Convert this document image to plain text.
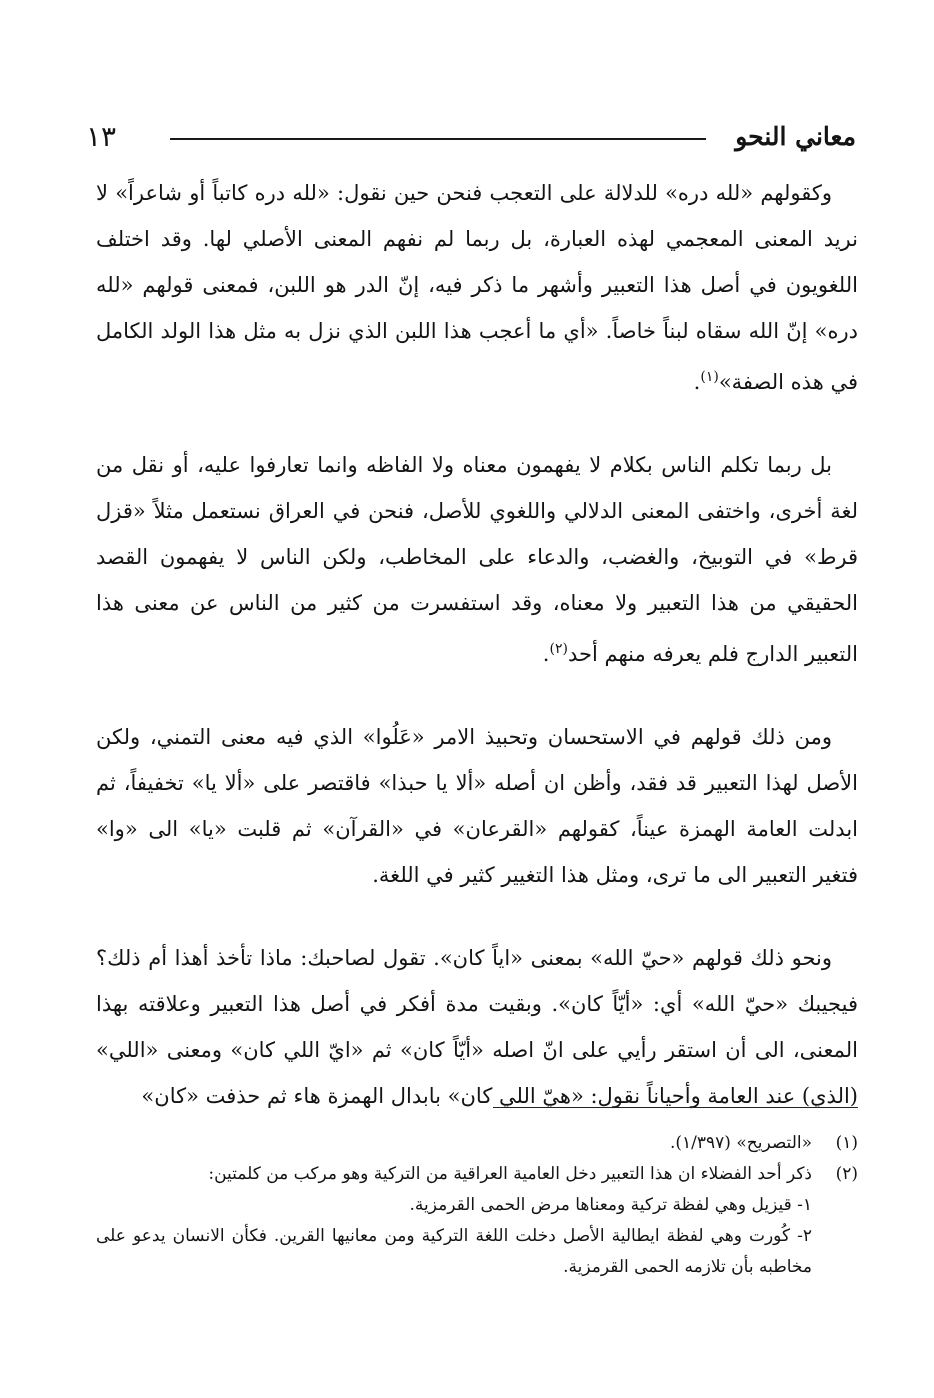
معاني النحو
١٣

وكقولهم «لله دره» للدلالة على التعجب فنحن حين نقول: «لله دره كاتباً أو شاعراً» لا نريد المعنى المعجمي لهذه العبارة، بل ربما لم نفهم المعنى الأصلي لها. وقد اختلف اللغويون في أصل هذا التعبير وأشهر ما ذكر فيه، إنّ الدر هو اللبن، فمعنى قولهم «لله دره» إنّ الله سقاه لبناً خاصاً. «أي ما أعجب هذا اللبن الذي نزل به مثل هذا الولد الكامل في هذه الصفة»$^{(١)}$.

بل ربما تكلم الناس بكلام لا يفهمون معناه ولا الفاظه وانما تعارفوا عليه، أو نقل من لغة أخرى، واختفى المعنى الدلالي واللغوي للأصل، فنحن في العراق نستعمل مثلاً «قزل قرط» في التوبيخ، والغضب، والدعاء على المخاطب، ولكن الناس لا يفهمون القصد الحقيقي من هذا التعبير ولا معناه، وقد استفسرت من كثير من الناس عن معنى هذا التعبير الدارج فلم يعرفه منهم أحد$^{(٢)}$.

ومن ذلك قولهم في الاستحسان وتحبيذ الامر «عَلُوا» الذي فيه معنى التمني، ولكن الأصل لهذا التعبير قد فقد، وأظن ان أصله «ألا يا حبذا» فاقتصر على «ألا يا» تخفيفاً، ثم ابدلت العامة الهمزة عيناً، كقولهم «القرعان» في «القرآن» ثم قلبت «يا» الى «وا» فتغير التعبير الى ما ترى، ومثل هذا التغيير كثير في اللغة.

ونحو ذلك قولهم «حيّ الله» بمعنى «اياً كان». تقول لصاحبك: ماذا تأخذ أهذا أم ذلك؟ فيجيبك «حيّ الله» أي: «أيّاً كان». وبقيت مدة أفكر في أصل هذا التعبير وعلاقته بهذا المعنى، الى أن استقر رأيي على انّ اصله «أيّاً كان» ثم «ايّ اللي كان» ومعنى «اللي» (الذي) عند العامة وأحياناً نقول: «هيّ اللي كان» بابدال الهمزة هاء ثم حذفت «كان»

(١)
«التصريح» (١/٣٩٧).
(٢)
ذكر أحد الفضلاء ان هذا التعبير دخل العامية العراقية من التركية وهو مركب من كلمتين:
١- قيزيل وهي لفظة تركية ومعناها مرض الحمى القرمزية.
٢- كُورت وهي لفظة ايطالية الأصل دخلت اللغة التركية ومن معانيها القرين. فكأن الانسان يدعو على مخاطبه بأن تلازمه الحمى القرمزية.
